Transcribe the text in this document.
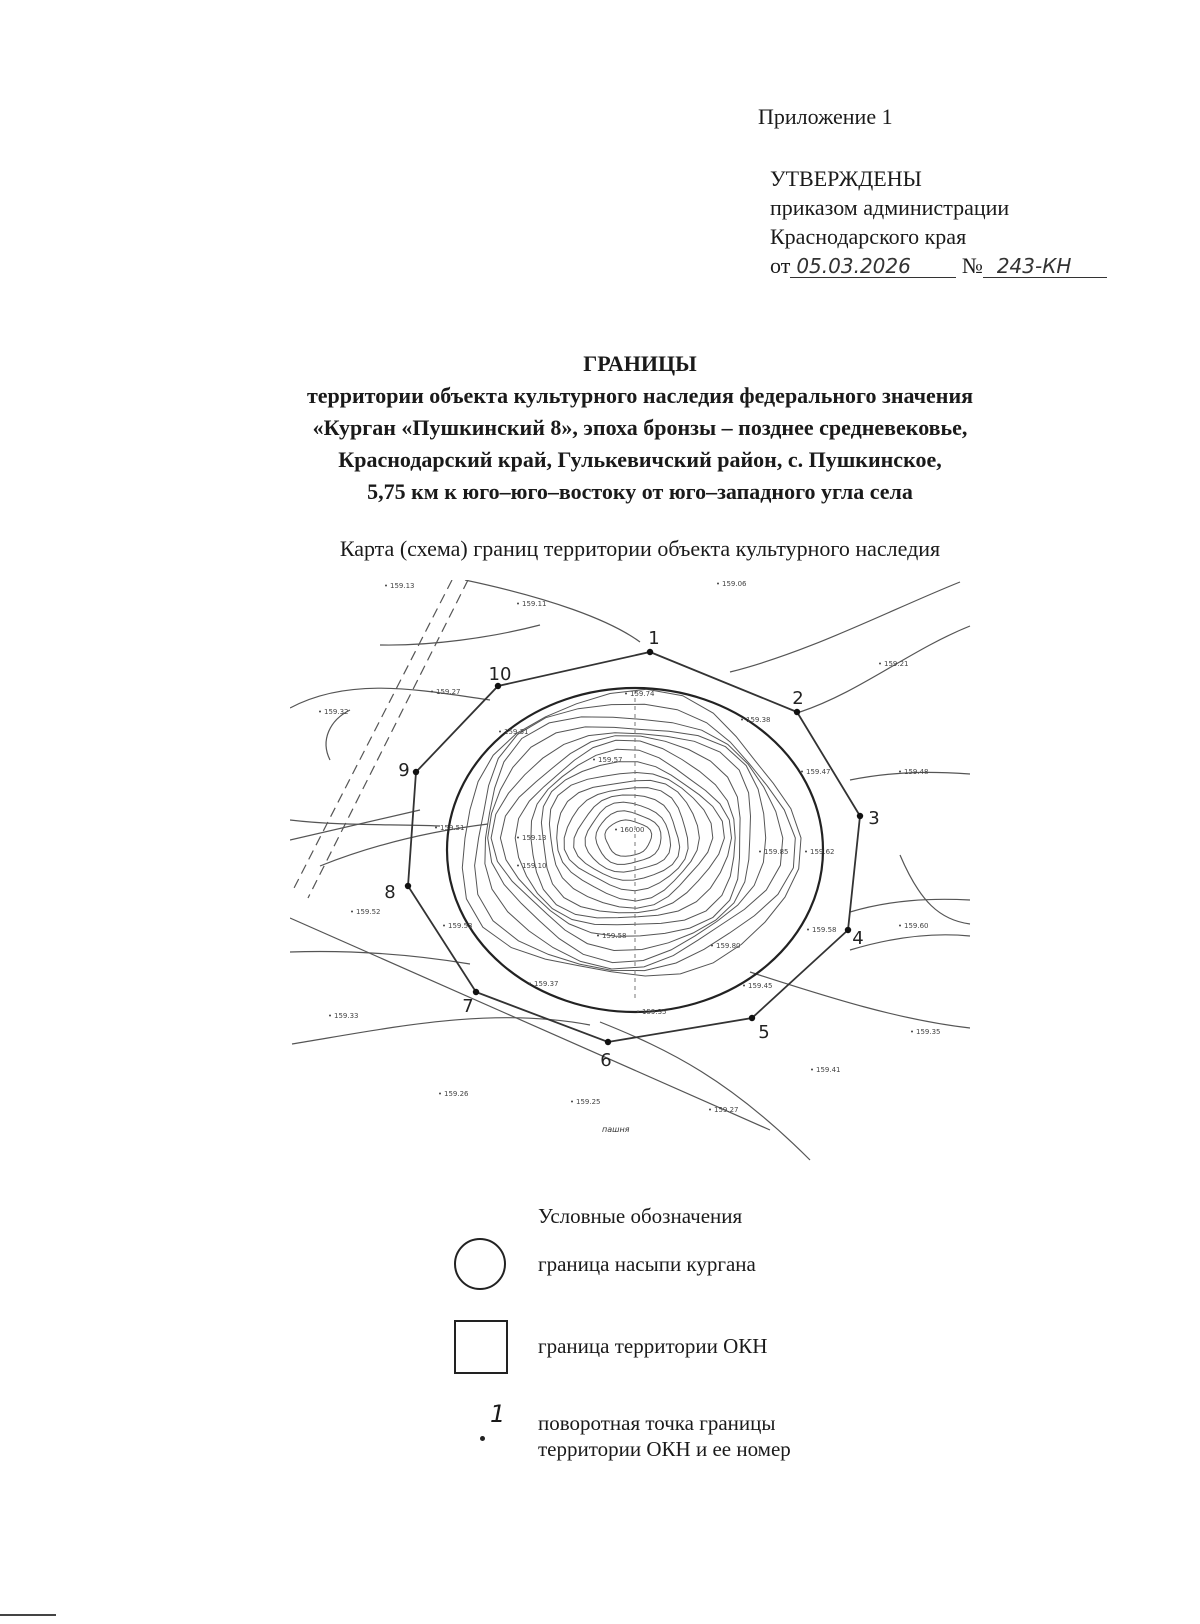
Приложение 1
УТВЕРЖДЕНЫ
приказом администрации
Краснодарского края
от 05.03.2026 № 243-КН
ГРАНИЦЫ
территории объекта культурного наследия федерального значения
«Курган «Пушкинский 8», эпоха бронзы – позднее средневековье,
Краснодарский край, Гулькевичский район, с. Пушкинское,
5,75 км к юго–юго–востоку от юго–западного угла села
Карта (схема) границ территории объекта культурного наследия
1
2
3
4
5
6
7
8
9
10
159.13
159.11
159.06
159.21
159.27
159.32
159.74
159.31
159.38
159.57
159.47	159.48
159.51
159.13
160.00
159.85	159.62
159.10
159.52
159.53	159.58	159.60
159.80
159.58
159.37	159.45
159.35
159.33
159.41
159.35
159.26
159.25
159.27
пашня
Условные обозначения
граница насыпи кургана
граница территории ОКН
1 поворотная точка границы
территории ОКН и ее номер
